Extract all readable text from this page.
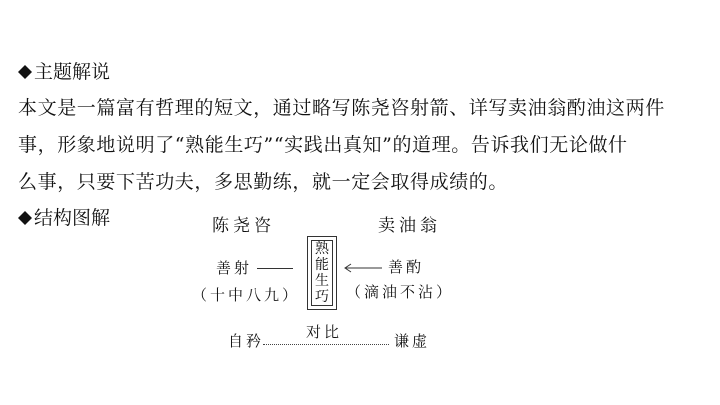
主题解说
本文是一篇富有哲理的短文，通过略写陈尧咨射箭、详写卖油翁酌油这两件
事，形象地说明了“熟能生巧”“实践出真知”的道理。告诉我们无论做什
么事，只要下苦功夫，多思勤练，就一定会取得成绩的。
结构图解	陈尧咨	卖油翁
善射
熟
能
生
巧
善酌
（十中八九）	（滴油不沾）
自矜	对比	谦虚
